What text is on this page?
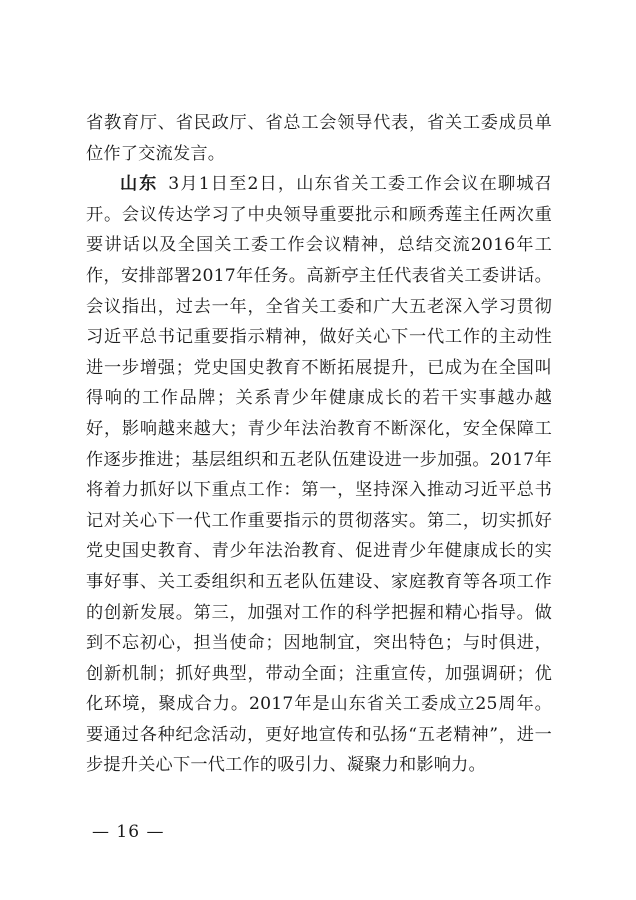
省教育厅、省民政厅、省总工会领导代表，省关工委成员单位作了交流发言。

山东 3月1日至2日，山东省关工委工作会议在聊城召开。会议传达学习了中央领导重要批示和顾秀莲主任两次重要讲话以及全国关工委工作会议精神，总结交流2016年工作，安排部署2017年任务。高新亭主任代表省关工委讲话。会议指出，过去一年，全省关工委和广大五老深入学习贯彻习近平总书记重要指示精神，做好关心下一代工作的主动性进一步增强；党史国史教育不断拓展提升，已成为在全国叫得响的工作品牌；关系青少年健康成长的若干实事越办越好，影响越来越大；青少年法治教育不断深化，安全保障工作逐步推进；基层组织和五老队伍建设进一步加强。2017年将着力抓好以下重点工作：第一，坚持深入推动习近平总书记对关心下一代工作重要指示的贯彻落实。第二，切实抓好党史国史教育、青少年法治教育、促进青少年健康成长的实事好事、关工委组织和五老队伍建设、家庭教育等各项工作的创新发展。第三，加强对工作的科学把握和精心指导。做到不忘初心，担当使命；因地制宜，突出特色；与时俱进，创新机制；抓好典型，带动全面；注重宣传，加强调研；优化环境，聚成合力。2017年是山东省关工委成立25周年。要通过各种纪念活动，更好地宣传和弘扬“五老精神”，进一步提升关心下一代工作的吸引力、凝聚力和影响力。

— 16 —
